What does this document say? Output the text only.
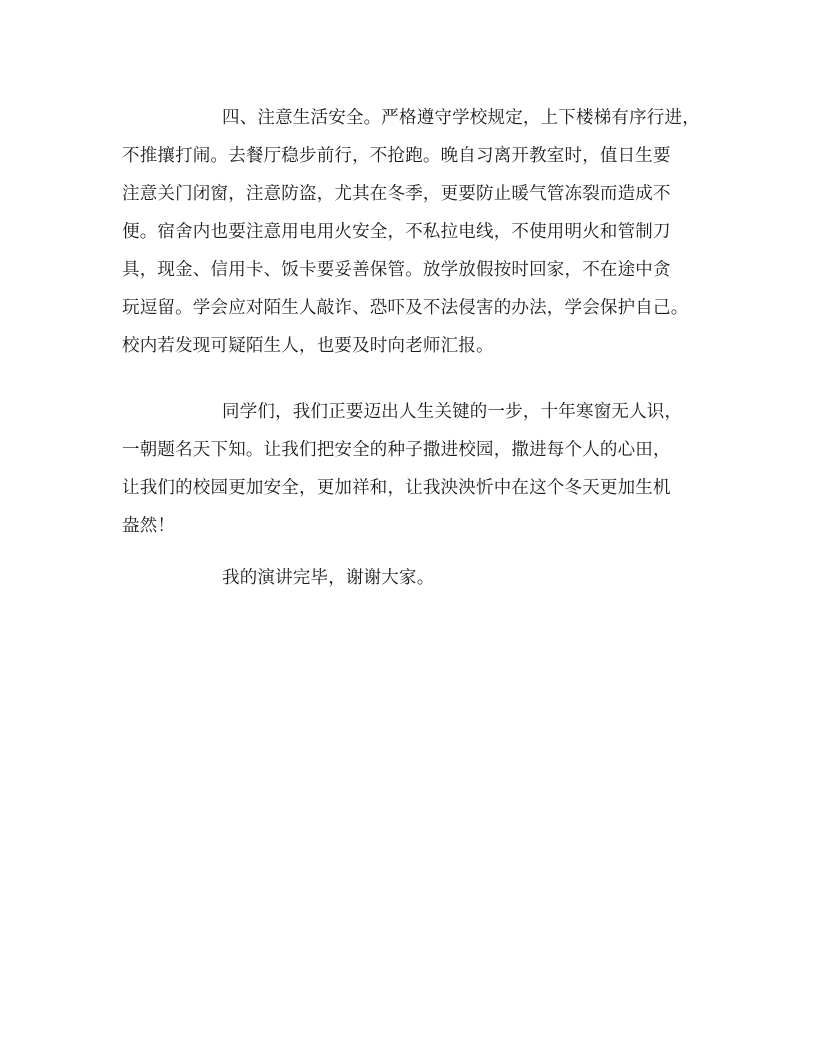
四、注意生活安全。严格遵守学校规定，上下楼梯有序行进，
不推攘打闹。去餐厅稳步前行，不抢跑。晚自习离开教室时，值日生要
注意关门闭窗，注意防盗，尤其在冬季，更要防止暖气管冻裂而造成不
便。宿舍内也要注意用电用火安全，不私拉电线，不使用明火和管制刀
具，现金、信用卡、饭卡要妥善保管。放学放假按时回家，不在途中贪
玩逗留。学会应对陌生人敲诈、恐吓及不法侵害的办法，学会保护自己。
校内若发现可疑陌生人，也要及时向老师汇报。
同学们，我们正要迈出人生关键的一步，十年寒窗无人识，
一朝题名天下知。让我们把安全的种子撒进校园，撒进每个人的心田，
让我们的校园更加安全，更加祥和，让我泱泱忻中在这个冬天更加生机
盎然！
我的演讲完毕，谢谢大家。
